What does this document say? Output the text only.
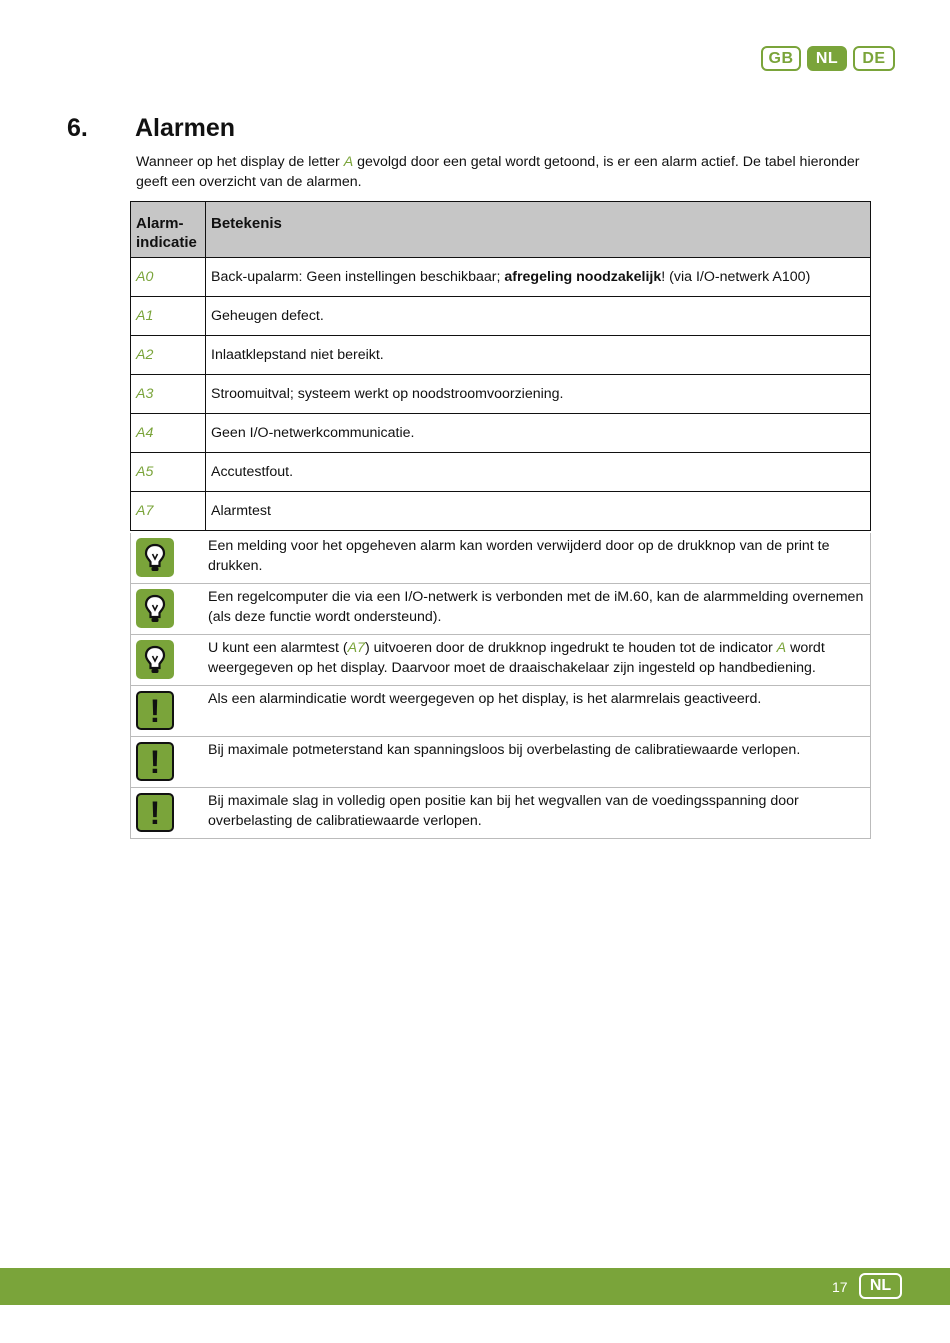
GB	NL	DE
6. Alarmen
Wanneer op het display de letter A gevolgd door een getal wordt getoond, is er een alarm actief. De tabel hieronder geeft een overzicht van de alarmen.
Alarm-
indicatie	Betekenis
A0	Back-upalarm: Geen instellingen beschikbaar; afregeling noodzakelijk! (via I/O-netwerk A100)
A1	Geheugen defect.
A2	Inlaatklepstand niet bereikt.
A3	Stroomuitval; systeem werkt op noodstroomvoorziening.
A4	Geen I/O-netwerkcommunicatie.
A5	Accutestfout.
A7	Alarmtest
Een melding voor het opgeheven alarm kan worden verwijderd door op de drukknop van de print te drukken.
Een regelcomputer die via een I/O-netwerk is verbonden met de iM.60, kan de alarmmelding overnemen (als deze functie wordt ondersteund).
U kunt een alarmtest (A7) uitvoeren door de drukknop ingedrukt te houden tot de indicator A wordt weergegeven op het display. Daarvoor moet de draaischakelaar zijn ingesteld op handbediening.
!	Als een alarmindicatie wordt weergegeven op het display, is het alarmrelais geactiveerd.
!	Bij maximale potmeterstand kan spanningsloos bij overbelasting de calibratiewaarde verlopen.
!	Bij maximale slag in volledig open positie kan bij het wegvallen van de voedingsspanning door overbelasting de calibratiewaarde verlopen.
17	NL
